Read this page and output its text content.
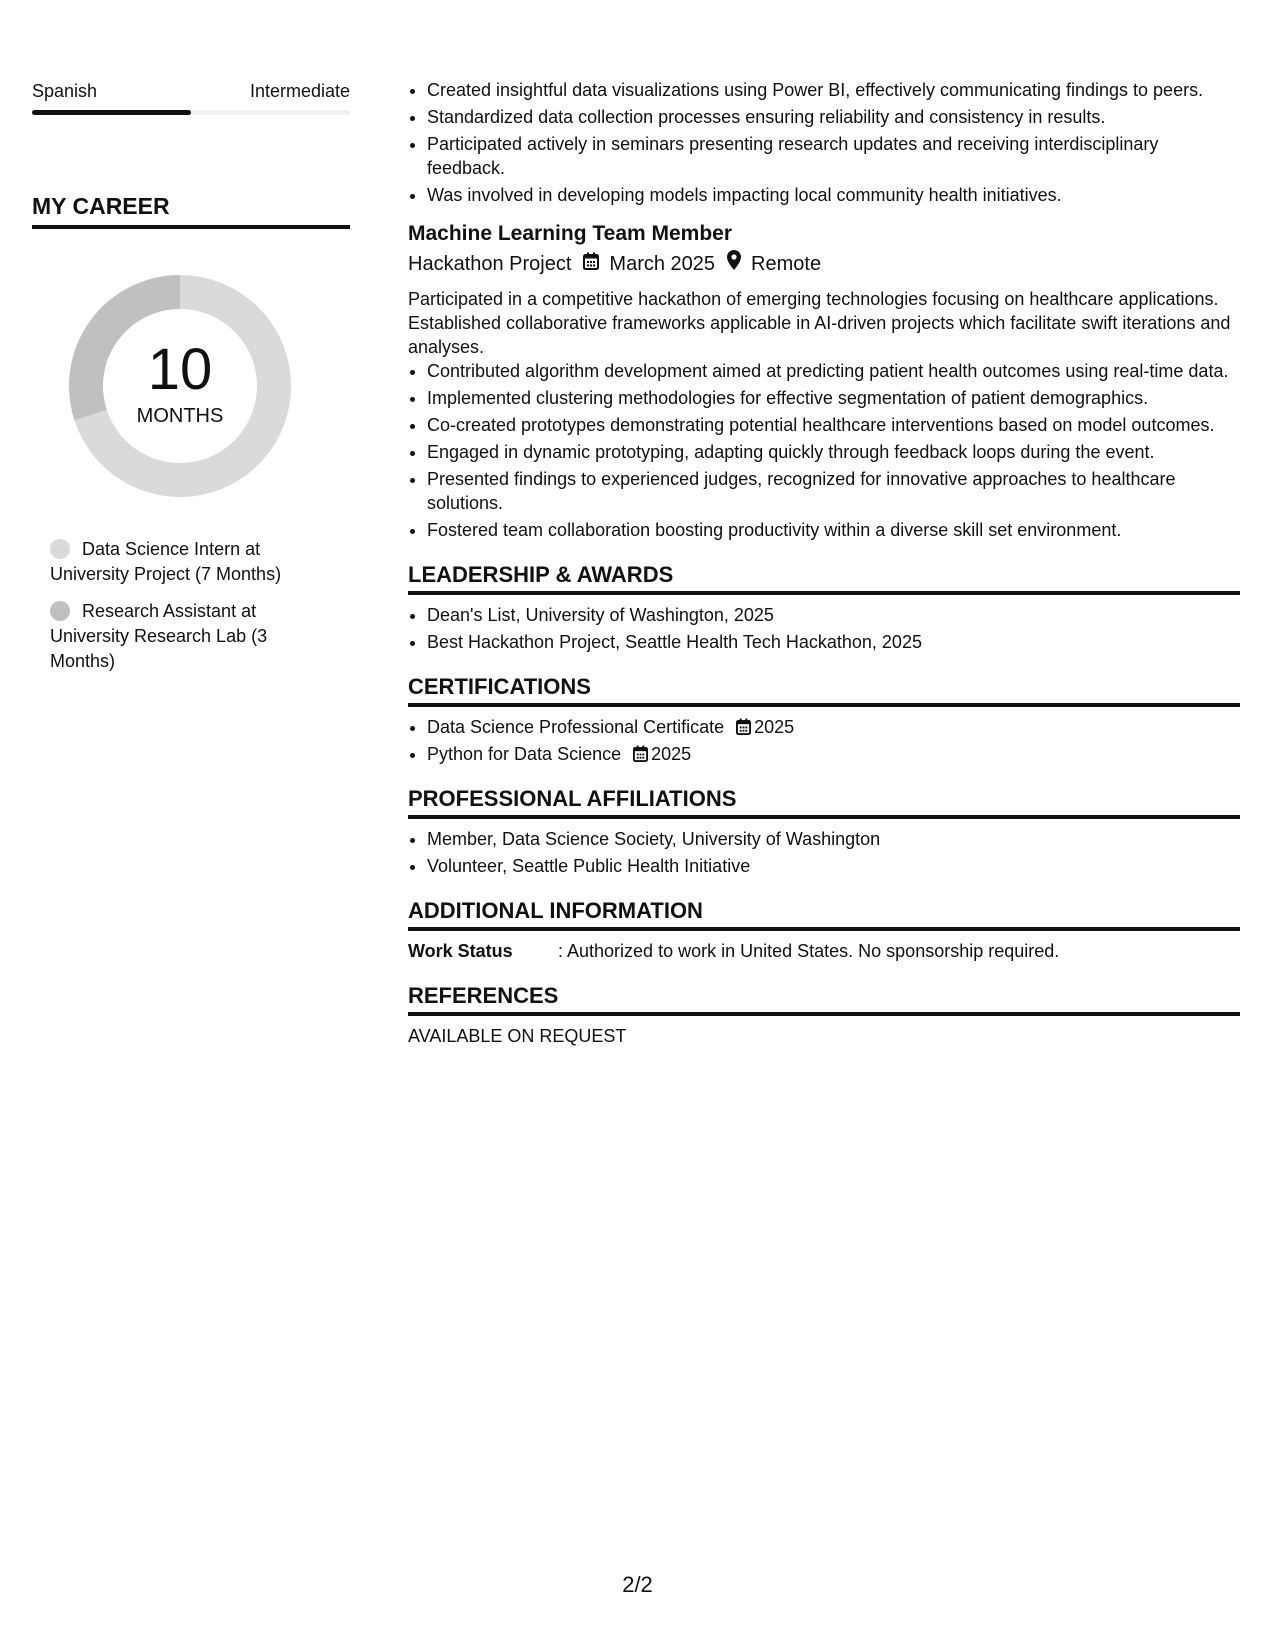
Spanish	Intermediate
MY CAREER
10
MONTHS
Data Science Intern at University Project (7 Months)
Research Assistant at University Research Lab (3 Months)
• Created insightful data visualizations using Power BI, effectively communicating findings to peers.
• Standardized data collection processes ensuring reliability and consistency in results.
• Participated actively in seminars presenting research updates and receiving interdisciplinary feedback.
• Was involved in developing models impacting local community health initiatives.
Machine Learning Team Member
Hackathon Project March 2025 Remote
Participated in a competitive hackathon of emerging technologies focusing on healthcare applications. Established collaborative frameworks applicable in AI-driven projects which facilitate swift iterations and analyses.
• Contributed algorithm development aimed at predicting patient health outcomes using real-time data.
• Implemented clustering methodologies for effective segmentation of patient demographics.
• Co-created prototypes demonstrating potential healthcare interventions based on model outcomes.
• Engaged in dynamic prototyping, adapting quickly through feedback loops during the event.
• Presented findings to experienced judges, recognized for innovative approaches to healthcare solutions.
• Fostered team collaboration boosting productivity within a diverse skill set environment.
LEADERSHIP & AWARDS
• Dean's List, University of Washington, 2025
• Best Hackathon Project, Seattle Health Tech Hackathon, 2025
CERTIFICATIONS
• Data Science Professional Certificate 2025
• Python for Data Science 2025
PROFESSIONAL AFFILIATIONS
• Member, Data Science Society, University of Washington
• Volunteer, Seattle Public Health Initiative
ADDITIONAL INFORMATION
Work Status	: Authorized to work in United States. No sponsorship required.
REFERENCES
AVAILABLE ON REQUEST
2/2
